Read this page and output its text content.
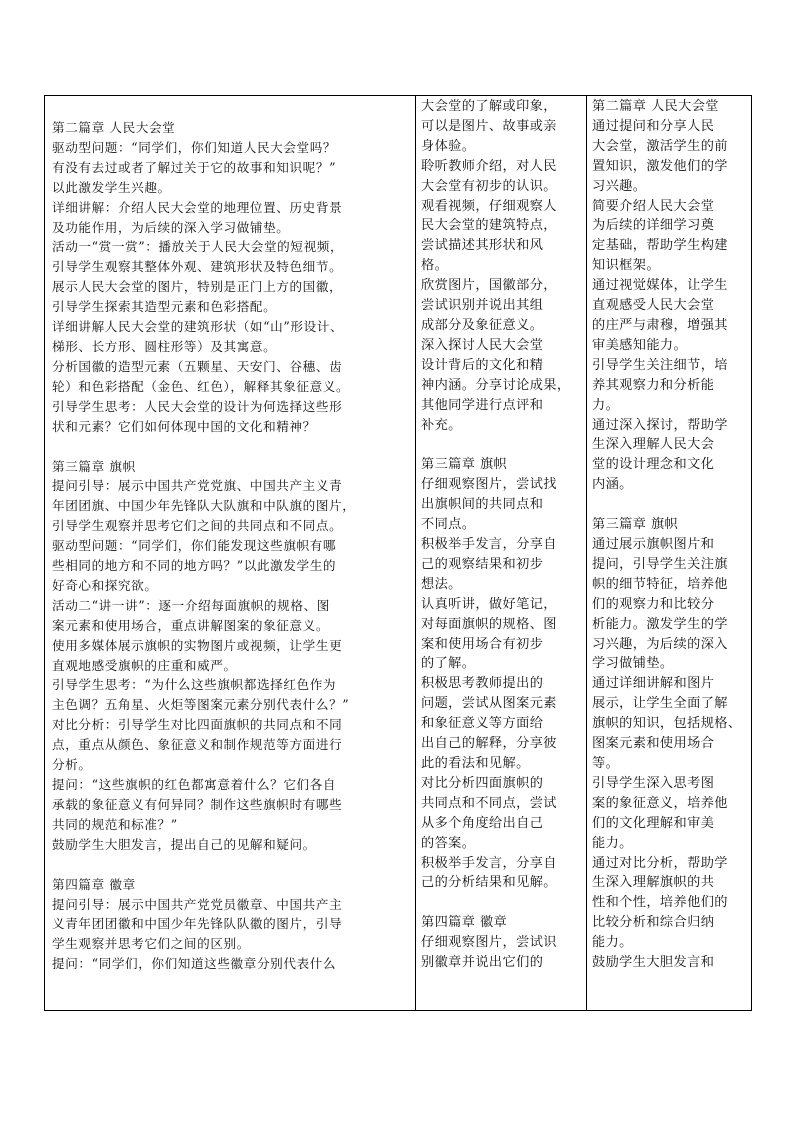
第二篇章 人民大会堂
驱动型问题：“同学们，你们知道人民大会堂吗？
有没有去过或者了解过关于它的故事和知识呢？”
以此激发学生兴趣。
详细讲解：介绍人民大会堂的地理位置、历史背景
及功能作用，为后续的深入学习做铺垫。
活动一“赏一赏”：播放关于人民大会堂的短视频，
引导学生观察其整体外观、建筑形状及特色细节。
展示人民大会堂的图片，特别是正门上方的国徽，
引导学生探索其造型元素和色彩搭配。
详细讲解人民大会堂的建筑形状（如“山”形设计、
梯形、长方形、圆柱形等）及其寓意。
分析国徽的造型元素（五颗星、天安门、谷穗、齿
轮）和色彩搭配（金色、红色），解释其象征意义。
引导学生思考：人民大会堂的设计为何选择这些形
状和元素？它们如何体现中国的文化和精神？
第三篇章 旗帜
提问引导：展示中国共产党党旗、中国共产主义青
年团团旗、中国少年先锋队大队旗和中队旗的图片，
引导学生观察并思考它们之间的共同点和不同点。
驱动型问题：“同学们，你们能发现这些旗帜有哪
些相同的地方和不同的地方吗？”以此激发学生的
好奇心和探究欲。
活动二“讲一讲”：逐一介绍每面旗帜的规格、图
案元素和使用场合，重点讲解图案的象征意义。
使用多媒体展示旗帜的实物图片或视频，让学生更
直观地感受旗帜的庄重和威严。
引导学生思考：“为什么这些旗帜都选择红色作为
主色调？五角星、火炬等图案元素分别代表什么？”
对比分析：引导学生对比四面旗帜的共同点和不同
点，重点从颜色、象征意义和制作规范等方面进行
分析。
提问：“这些旗帜的红色都寓意着什么？它们各自
承载的象征意义有何异同？制作这些旗帜时有哪些
共同的规范和标准？”
鼓励学生大胆发言，提出自己的见解和疑问。
第四篇章 徽章
提问引导：展示中国共产党党员徽章、中国共产主
义青年团团徽和中国少年先锋队队徽的图片，引导
学生观察并思考它们之间的区别。
提问：“同学们，你们知道这些徽章分别代表什么
大会堂的了解或印象，
可以是图片、故事或亲
身体验。
聆听教师介绍，对人民
大会堂有初步的认识。
观看视频，仔细观察人
民大会堂的建筑特点，
尝试描述其形状和风
格。
欣赏图片，国徽部分，
尝试识别并说出其组
成部分及象征意义。
深入探讨人民大会堂
设计背后的文化和精
神内涵。分享讨论成果，
其他同学进行点评和
补充。
第三篇章 旗帜
仔细观察图片，尝试找
出旗帜间的共同点和
不同点。
积极举手发言，分享自
己的观察结果和初步
想法。
认真听讲，做好笔记，
对每面旗帜的规格、图
案和使用场合有初步
的了解。
积极思考教师提出的
问题，尝试从图案元素
和象征意义等方面给
出自己的解释，分享彼
此的看法和见解。
对比分析四面旗帜的
共同点和不同点，尝试
从多个角度给出自己
的答案。
积极举手发言，分享自
己的分析结果和见解。
第四篇章 徽章
仔细观察图片，尝试识
别徽章并说出它们的
第二篇章 人民大会堂
通过提问和分享人民
大会堂，激活学生的前
置知识，激发他们的学
习兴趣。
简要介绍人民大会堂
为后续的详细学习奠
定基础，帮助学生构建
知识框架。
通过视觉媒体，让学生
直观感受人民大会堂
的庄严与肃穆，增强其
审美感知能力。
引导学生关注细节，培
养其观察力和分析能
力。
通过深入探讨，帮助学
生深入理解人民大会
堂的设计理念和文化
内涵。
第三篇章 旗帜
通过展示旗帜图片和
提问，引导学生关注旗
帜的细节特征，培养他
们的观察力和比较分
析能力。激发学生的学
习兴趣，为后续的深入
学习做铺垫。
通过详细讲解和图片
展示，让学生全面了解
旗帜的知识，包括规格、
图案元素和使用场合
等。
引导学生深入思考图
案的象征意义，培养他
们的文化理解和审美
能力。
通过对比分析，帮助学
生深入理解旗帜的共
性和个性，培养他们的
比较分析和综合归纳
能力。
鼓励学生大胆发言和
